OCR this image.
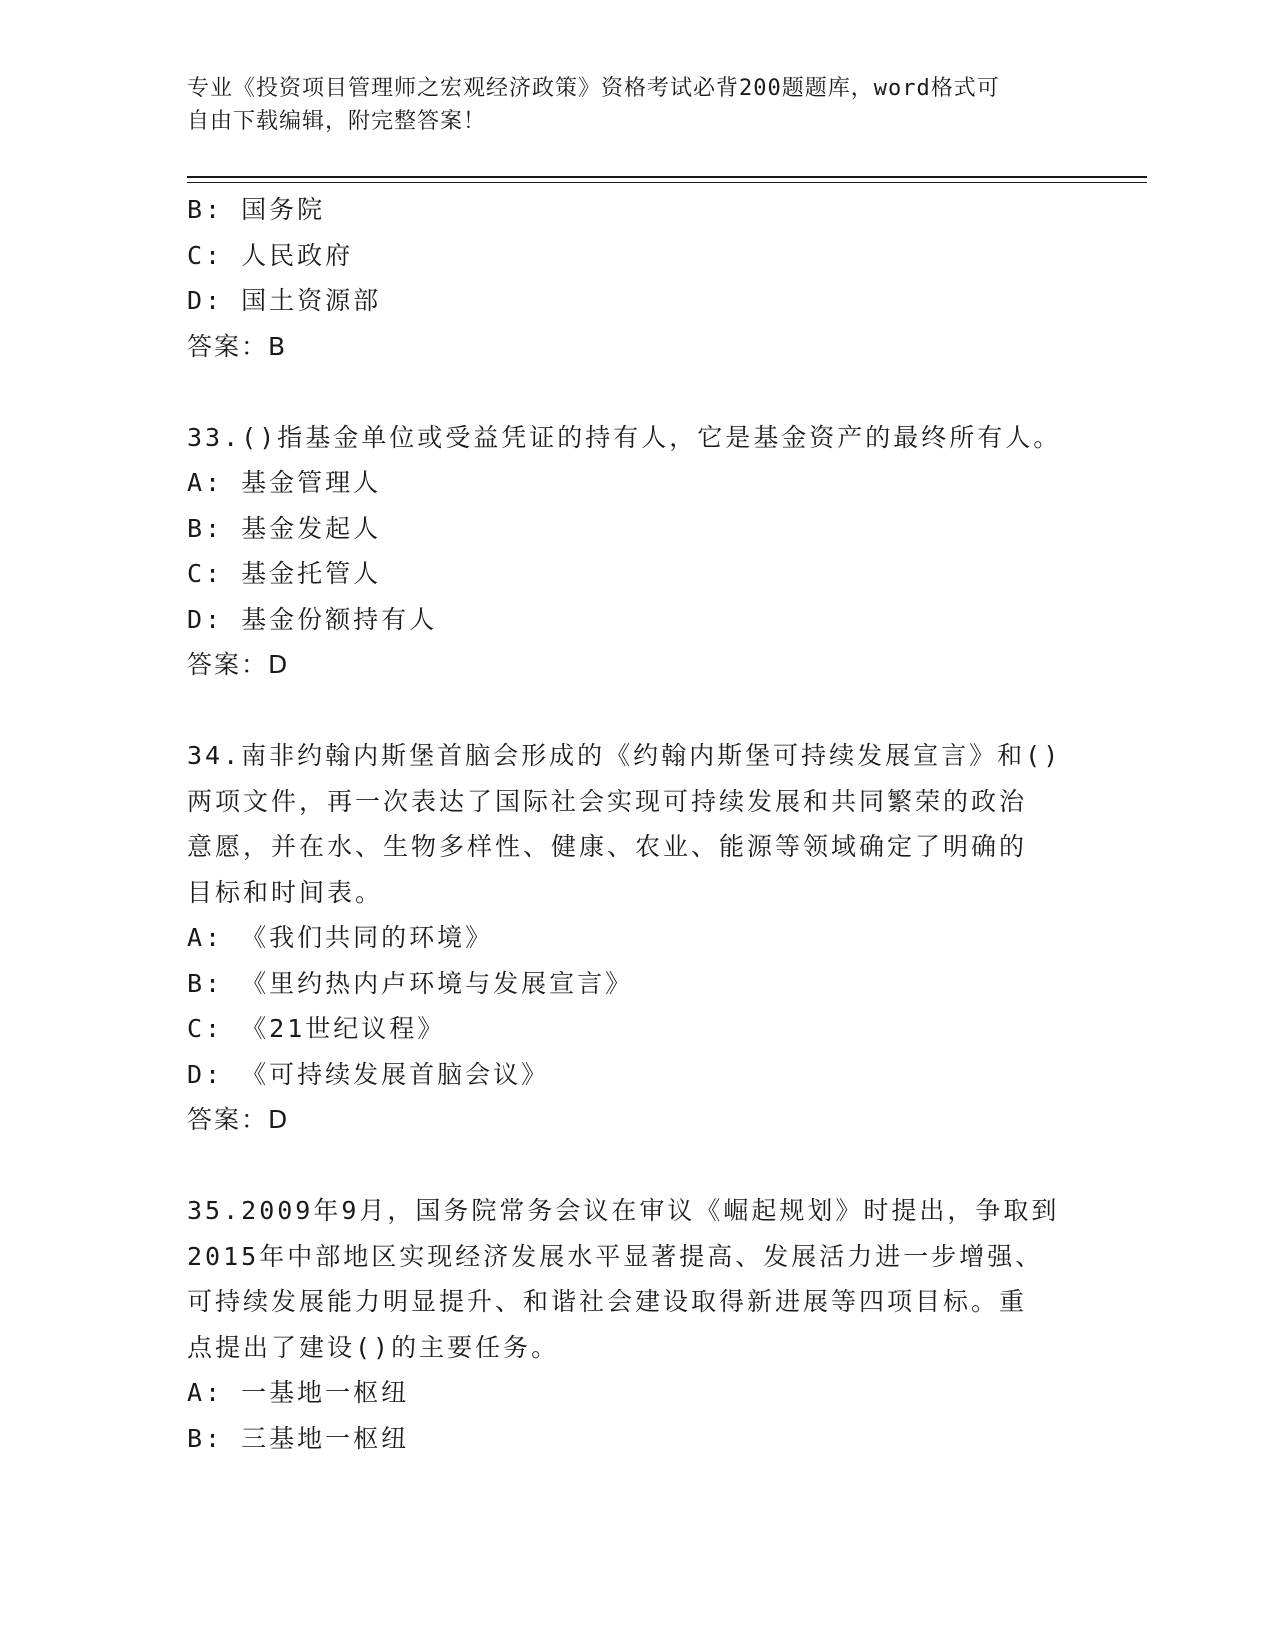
专业《投资项目管理师之宏观经济政策》资格考试必背200题题库，word格式可
自由下载编辑，附完整答案！
B: 国务院
C: 人民政府
D: 国土资源部
答案：B
33.()指基金单位或受益凭证的持有人，它是基金资产的最终所有人。
A: 基金管理人
B: 基金发起人
C: 基金托管人
D: 基金份额持有人
答案：D
34.南非约翰内斯堡首脑会形成的《约翰内斯堡可持续发展宣言》和()
两项文件，再一次表达了国际社会实现可持续发展和共同繁荣的政治
意愿，并在水、生物多样性、健康、农业、能源等领域确定了明确的
目标和时间表。
A: 《我们共同的环境》
B: 《里约热内卢环境与发展宣言》
C: 《21世纪议程》
D: 《可持续发展首脑会议》
答案：D
35.2009年9月，国务院常务会议在审议《崛起规划》时提出，争取到
2015年中部地区实现经济发展水平显著提高、发展活力进一步增强、
可持续发展能力明显提升、和谐社会建设取得新进展等四项目标。重
点提出了建设()的主要任务。
A: 一基地一枢纽
B: 三基地一枢纽
